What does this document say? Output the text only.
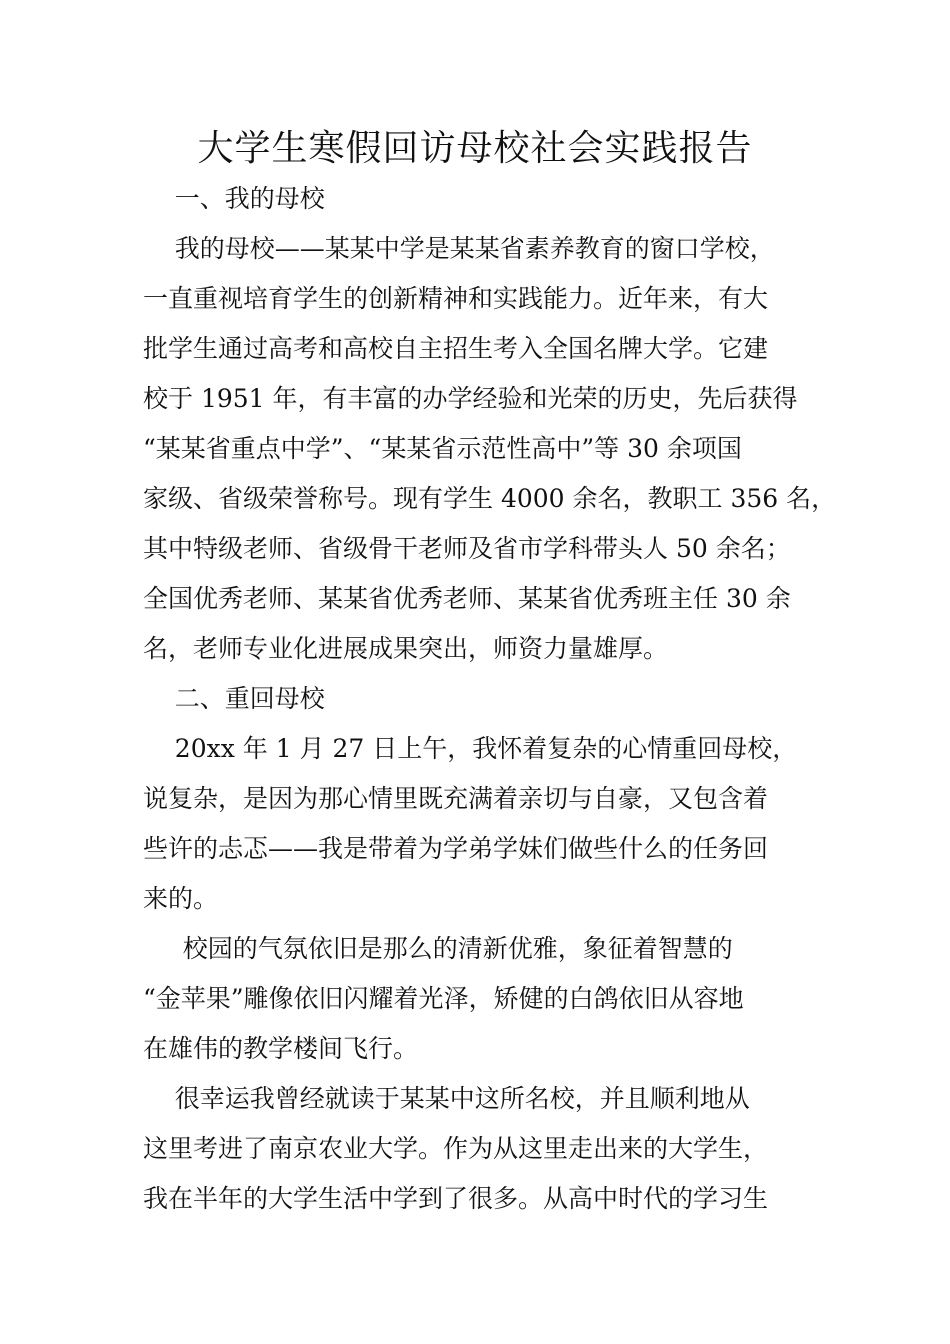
大学生寒假回访母校社会实践报告
一、我的母校
我的母校——某某中学是某某省素养教育的窗口学校，
一直重视培育学生的创新精神和实践能力。近年来，有大
批学生通过高考和高校自主招生考入全国名牌大学。它建
校于 1951 年，有丰富的办学经验和光荣的历史，先后获得
“某某省重点中学”、“某某省示范性高中”等 30 余项国
家级、省级荣誉称号。现有学生 4000 余名，教职工 356 名，
其中特级老师、省级骨干老师及省市学科带头人 50 余名；
全国优秀老师、某某省优秀老师、某某省优秀班主任 30 余
名，老师专业化进展成果突出，师资力量雄厚。
二、重回母校
20xx 年 1 月 27 日上午，我怀着复杂的心情重回母校，
说复杂，是因为那心情里既充满着亲切与自豪，又包含着
些许的忐忑——我是带着为学弟学妹们做些什么的任务回
来的。
校园的气氛依旧是那么的清新优雅，象征着智慧的
“金苹果”雕像依旧闪耀着光泽，矫健的白鸽依旧从容地
在雄伟的教学楼间飞行。
很幸运我曾经就读于某某中这所名校，并且顺利地从
这里考进了南京农业大学。作为从这里走出来的大学生，
我在半年的大学生活中学到了很多。从高中时代的学习生
